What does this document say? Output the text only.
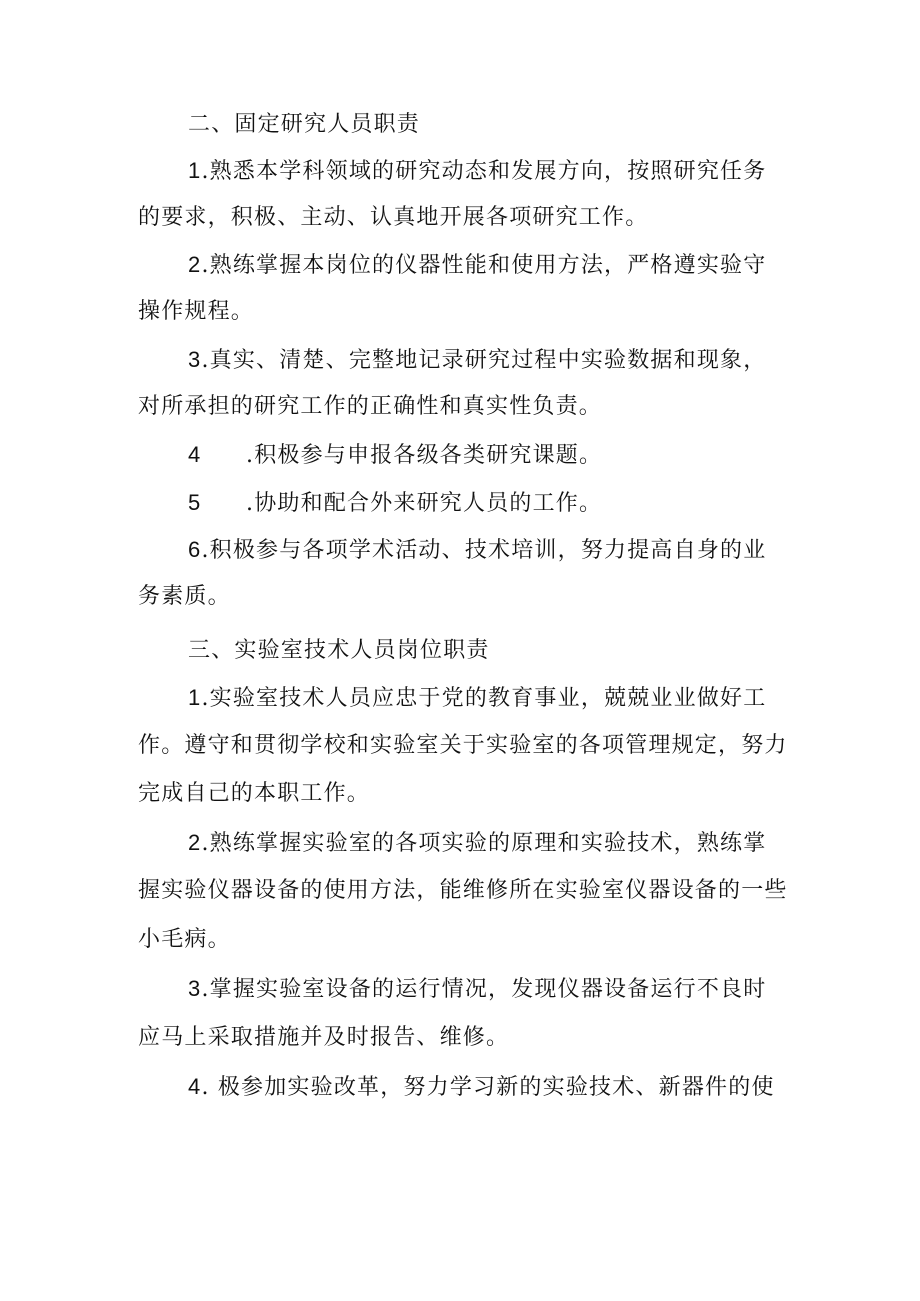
二、固定研究人员职责
1.熟悉本学科领域的研究动态和发展方向，按照研究任务
的要求，积极、主动、认真地开展各项研究工作。
2.熟练掌握本岗位的仪器性能和使用方法，严格遵实验守
操作规程。
3.真实、清楚、完整地记录研究过程中实验数据和现象，
对所承担的研究工作的正确性和真实性负责。
4 .积极参与申报各级各类研究课题。
5 .协助和配合外来研究人员的工作。
6.积极参与各项学术活动、技术培训，努力提高自身的业
务素质。
三、实验室技术人员岗位职责
1.实验室技术人员应忠于党的教育事业，兢兢业业做好工
作。遵守和贯彻学校和实验室关于实验室的各项管理规定，努力
完成自己的本职工作。
2.熟练掌握实验室的各项实验的原理和实验技术，熟练掌
握实验仪器设备的使用方法，能维修所在实验室仪器设备的一些
小毛病。
3.掌握实验室设备的运行情况，发现仪器设备运行不良时
应马上采取措施并及时报告、维修。
4. 极参加实验改革，努力学习新的实验技术、新器件的使
